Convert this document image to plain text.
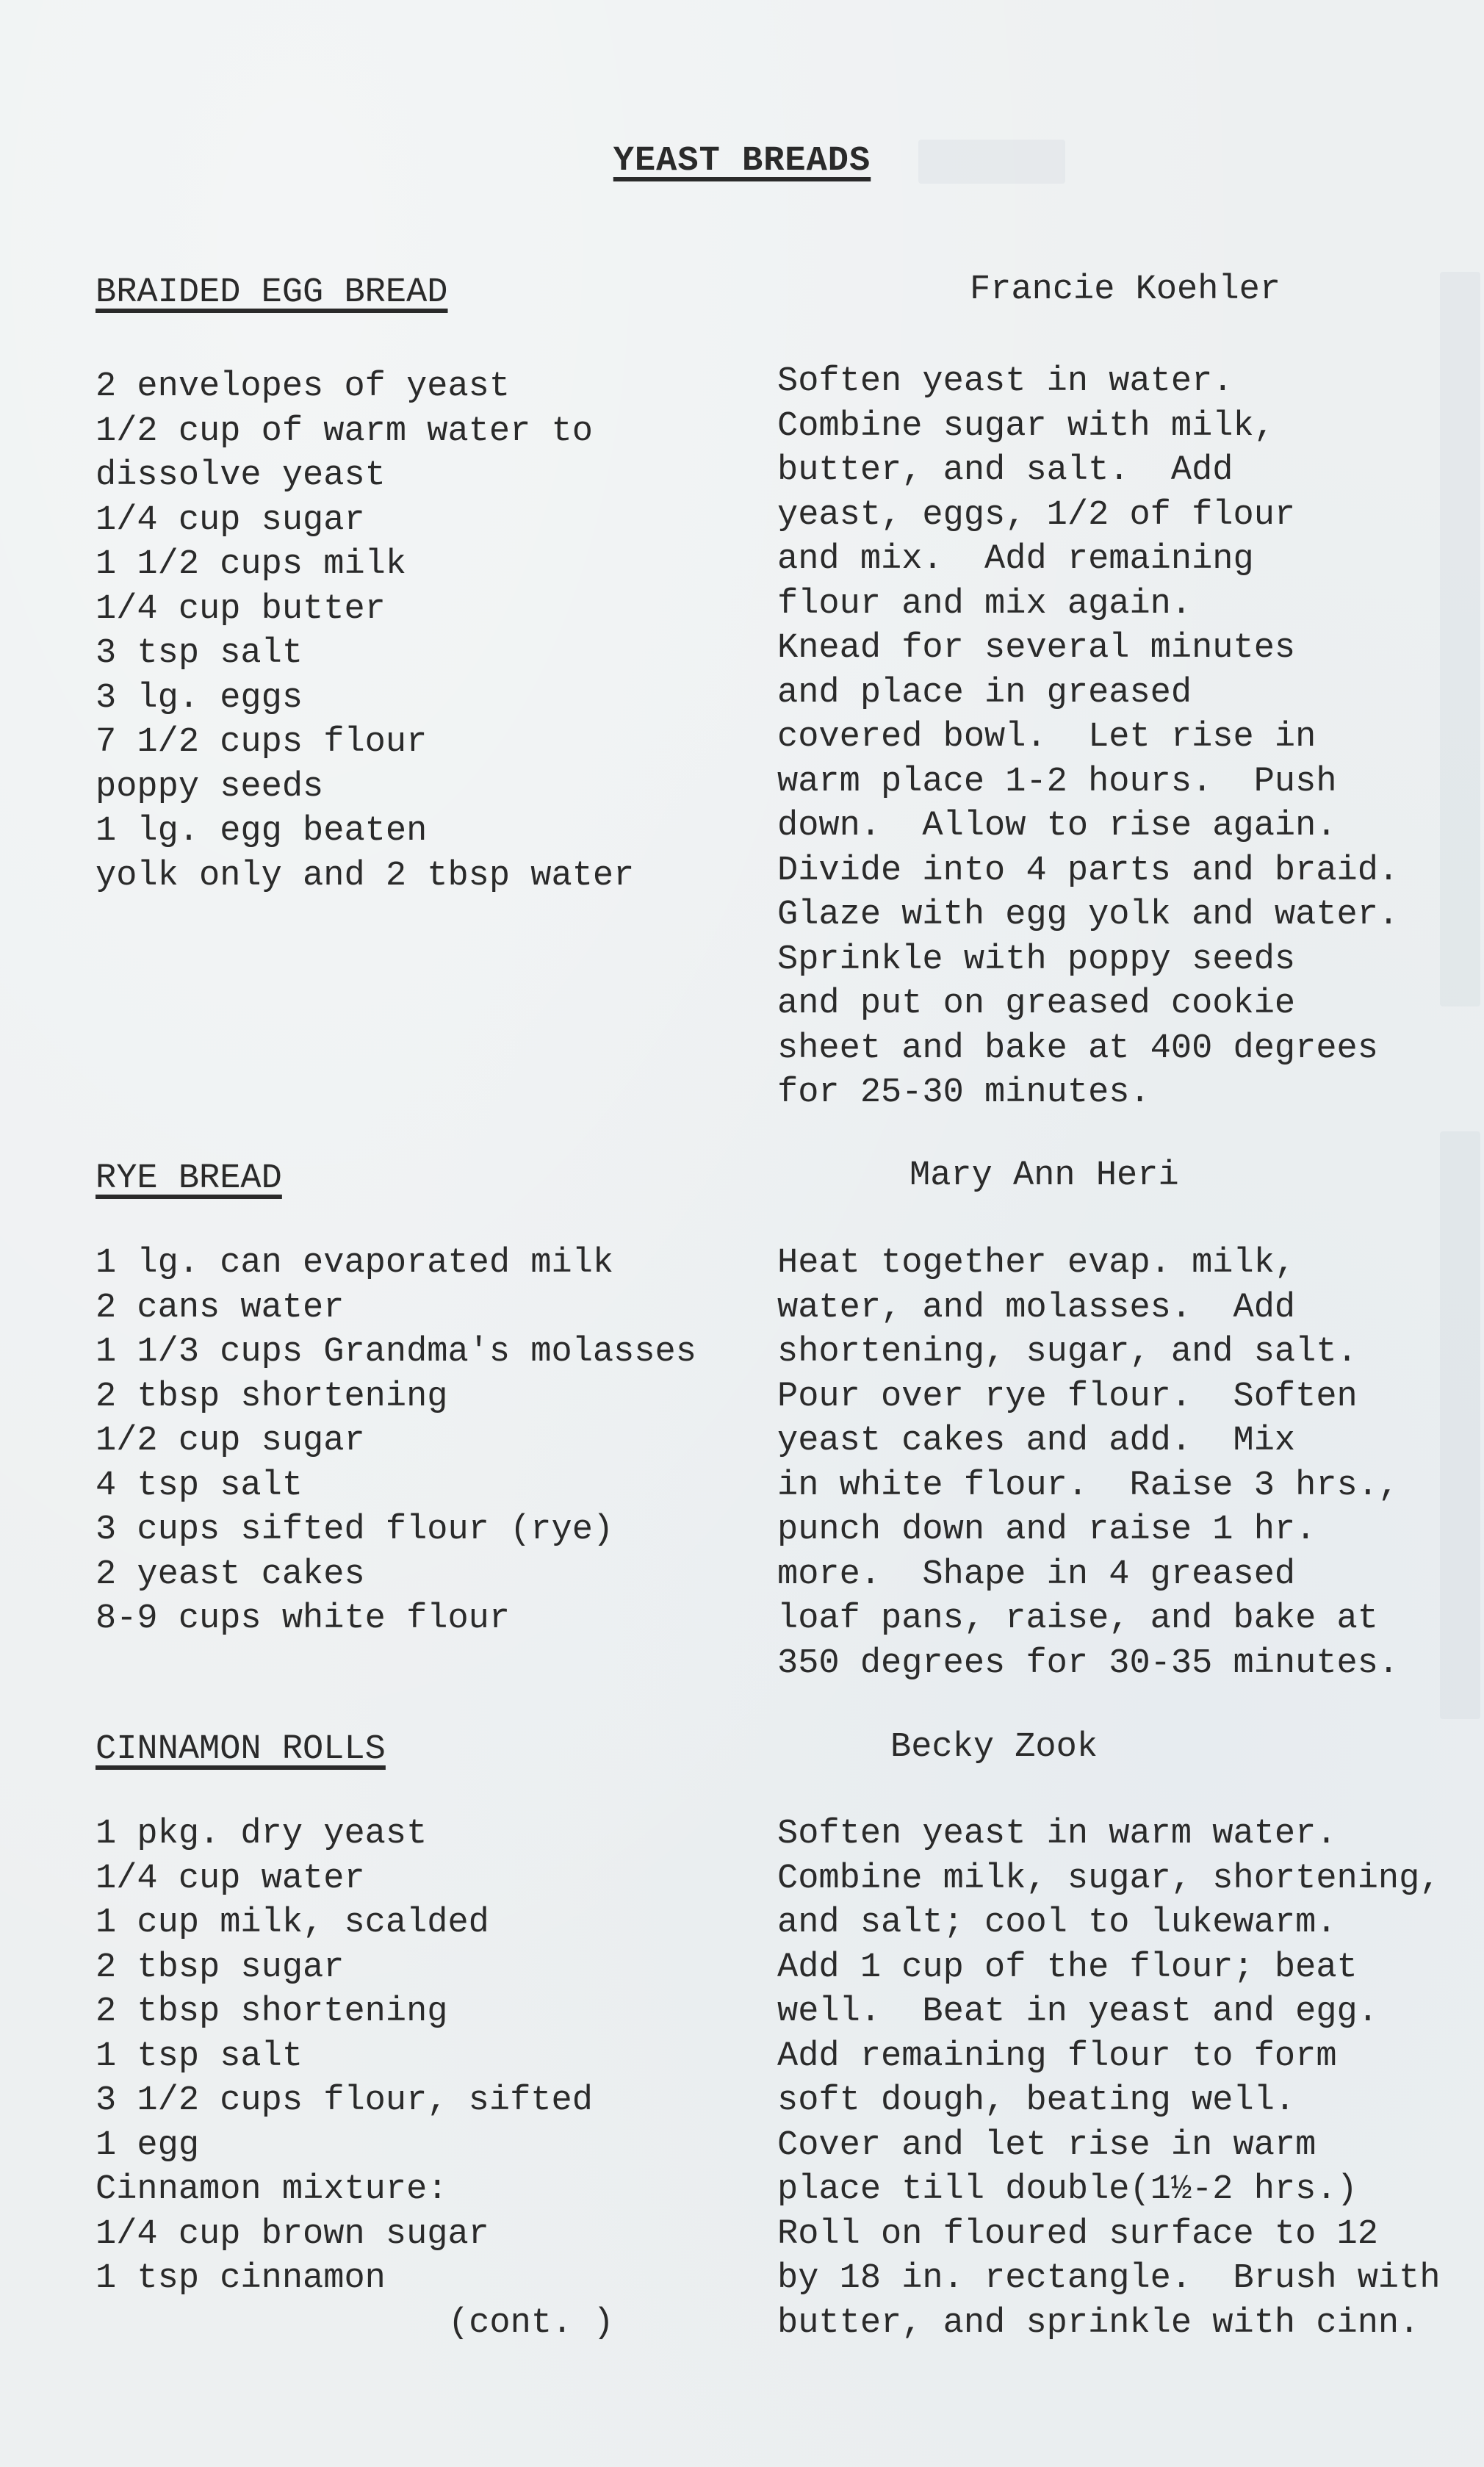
YEAST BREADS
BRAIDED EGG BREAD	Francie Koehler
2 envelopes of yeast
1/2 cup of warm water to
dissolve yeast
1/4 cup sugar
1 1/2 cups milk
1/4 cup butter
3 tsp salt
3 lg. eggs
7 1/2 cups flour
poppy seeds
1 lg. egg beaten
yolk only and 2 tbsp water
Soften yeast in water.
Combine sugar with milk,
butter, and salt.  Add
yeast, eggs, 1/2 of flour
and mix.  Add remaining
flour and mix again.
Knead for several minutes
and place in greased
covered bowl.  Let rise in
warm place 1-2 hours.  Push
down.  Allow to rise again.
Divide into 4 parts and braid.
Glaze with egg yolk and water.
Sprinkle with poppy seeds
and put on greased cookie
sheet and bake at 400 degrees
for 25-30 minutes.
RYE BREAD	Mary Ann Heri
1 lg. can evaporated milk
2 cans water
1 1/3 cups Grandma's molasses
2 tbsp shortening
1/2 cup sugar
4 tsp salt
3 cups sifted flour (rye)
2 yeast cakes
8-9 cups white flour
Heat together evap. milk,
water, and molasses.  Add
shortening, sugar, and salt.
Pour over rye flour.  Soften
yeast cakes and add.  Mix
in white flour.  Raise 3 hrs.,
punch down and raise 1 hr.
more.  Shape in 4 greased
loaf pans, raise, and bake at
350 degrees for 30-35 minutes.
CINNAMON ROLLS	Becky Zook
1 pkg. dry yeast
1/4 cup water
1 cup milk, scalded
2 tbsp sugar
2 tbsp shortening
1 tsp salt
3 1/2 cups flour, sifted
1 egg
Cinnamon mixture:
1/4 cup brown sugar
1 tsp cinnamon
Soften yeast in warm water.
Combine milk, sugar, shortening,
and salt; cool to lukewarm.
Add 1 cup of the flour; beat
well.  Beat in yeast and egg.
Add remaining flour to form
soft dough, beating well.
Cover and let rise in warm
place till double(1½-2 hrs.)
Roll on floured surface to 12
by 18 in. rectangle.  Brush with
butter, and sprinkle with cinn.
(cont. )
